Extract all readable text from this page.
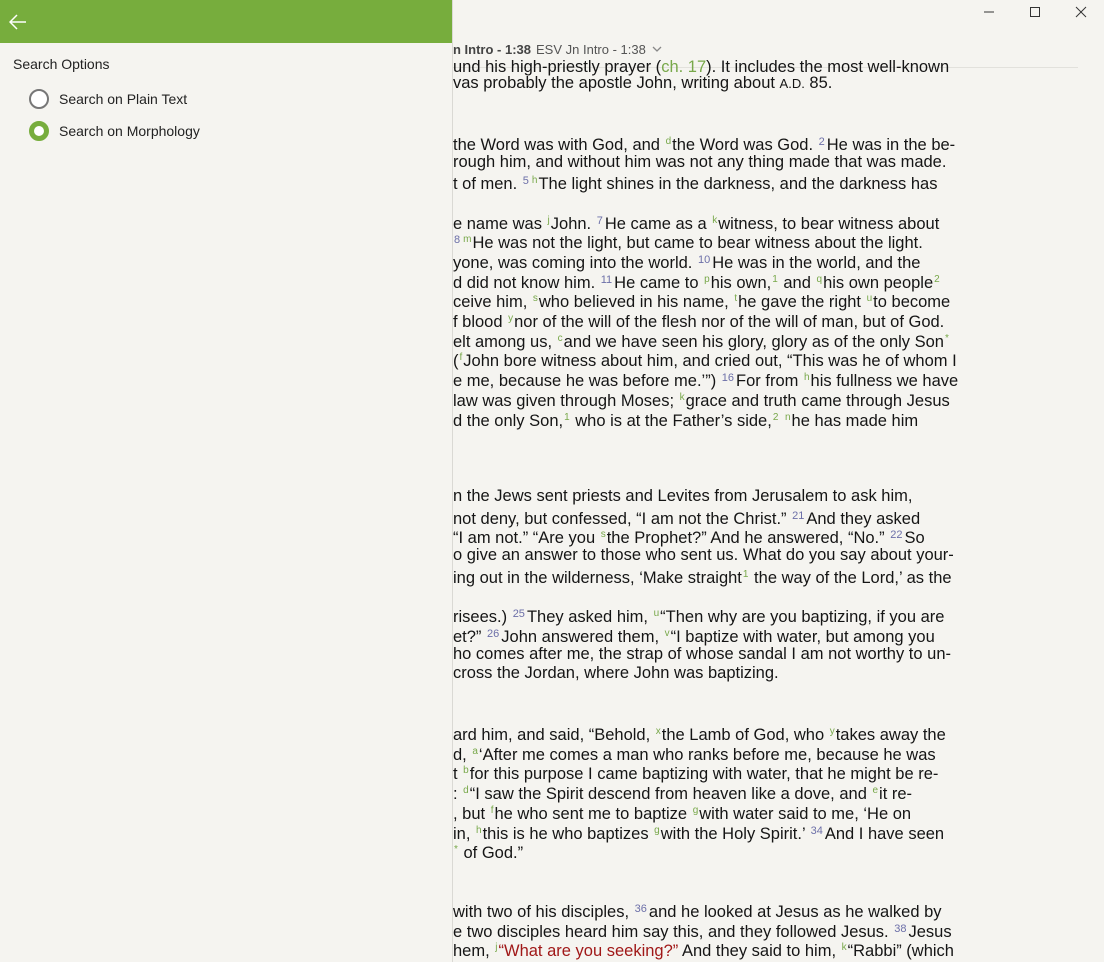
n Intro - 1:38 ESV Jn Intro - 1:38
und his high-priestly prayer (ch. 17). It includes the most well-known
vas probably the apostle John, writing about A.D. 85.
the Word was with God, and $^d$the Word was God. $^2$ He was in the be-
rough him, and without him was not any thing made that was made.
t of men. $^5$ $^h$The light shines in the darkness, and the darkness has
e name was $^j$John. $^7$ He came as a $^k$witness, to bear witness about
$^8$ $^m$He was not the light, but came to bear witness about the light.
yone, was coming into the world. $^{10}$ He was in the world, and the
d did not know him. $^{11}$ He came to $^p$his own,$^1$ and $^q$his own people$^2$
ceive him, $^s$who believed in his name, $^t$he gave the right $^u$to become
f blood $^y$nor of the will of the flesh nor of the will of man, but of God.
elt among us, $^c$and we have seen his glory, glory as of the only Son*
($^f$John bore witness about him, and cried out, “This was he of whom I
e me, because he was before me.’”) $^{16}$ For from $^h$his fullness we have
law was given through Moses; $^k$grace and truth came through Jesus
d the only Son,$^1$ who is at the Father’s side,$^2$ $^n$he has made him
n the Jews sent priests and Levites from Jerusalem to ask him,
not deny, but confessed, “I am not the Christ.” $^{21}$ And they asked
“I am not.” “Are you $^s$the Prophet?” And he answered, “No.” $^{22}$ So
o give an answer to those who sent us. What do you say about your-
ing out in the wilderness, ‘Make straight$^1$ the way of the Lord,’ as the
risees.) $^{25}$ They asked him, $^u$“Then why are you baptizing, if you are
et?” $^{26}$ John answered them, $^v$“I baptize with water, but among you
ho comes after me, the strap of whose sandal I am not worthy to un-
cross the Jordan, where John was baptizing.
ard him, and said, “Behold, $^x$the Lamb of God, who $^y$takes away the
d, $^a$‘After me comes a man who ranks before me, because he was
t $^b$for this purpose I came baptizing with water, that he might be re-
: $^d$“I saw the Spirit descend from heaven like a dove, and $^e$it re-
, but $^f$he who sent me to baptize $^g$with water said to me, ‘He on
in, $^h$this is he who baptizes $^g$with the Holy Spirit.’ $^{34}$ And I have seen
* of God.”
with two of his disciples, $^{36}$ and he looked at Jesus as he walked by
e two disciples heard him say this, and they followed Jesus. $^{38}$ Jesus
hem, $^j$“What are you seeking?” And they said to him, $^k$“Rabbi” (which
Search Options
Search on Plain Text
Search on Morphology
